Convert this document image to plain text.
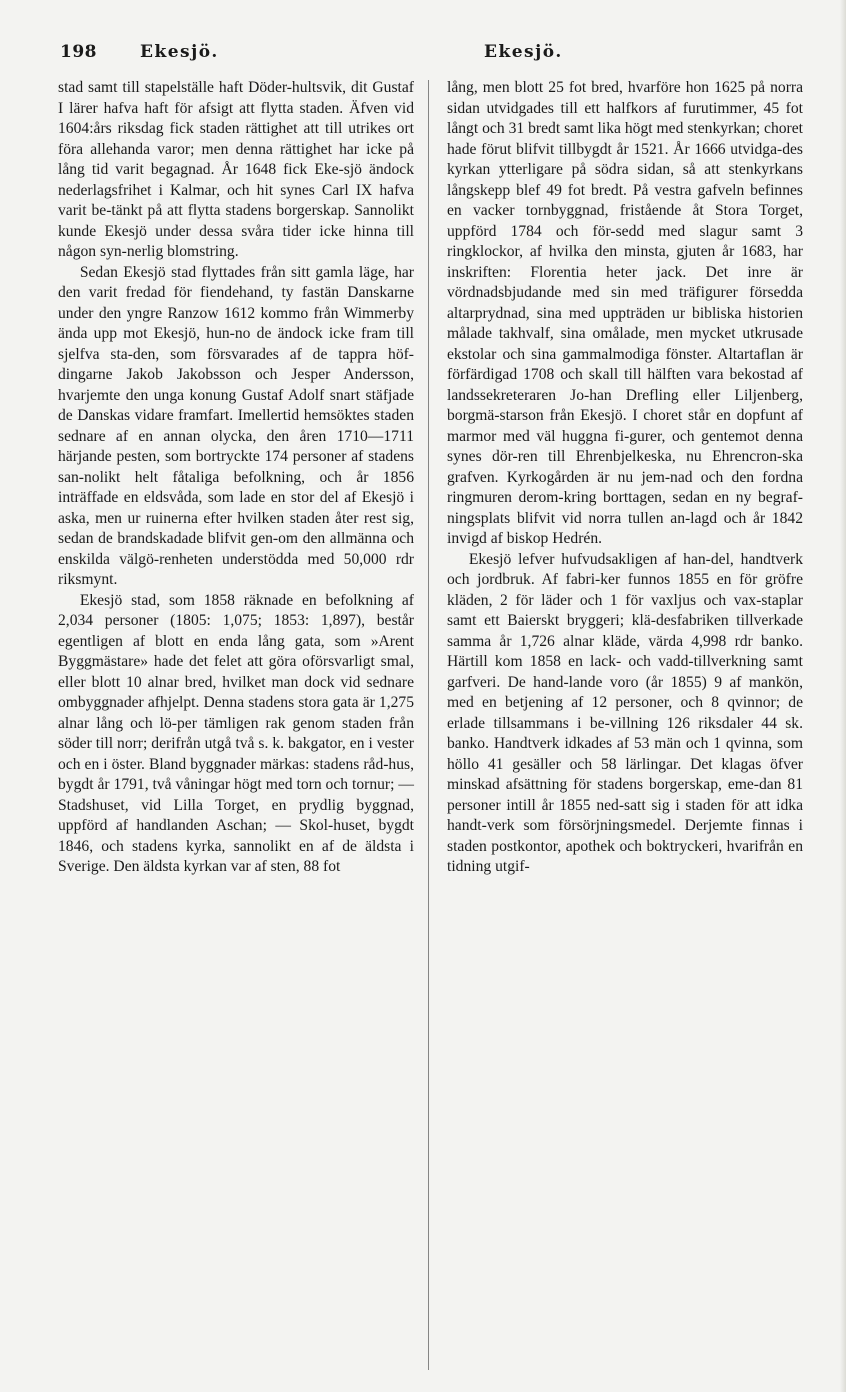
198	Ekesjö.	Ekesjö.

stad samt till stapelställe haft Döder-hultsvik, dit Gustaf I lärer hafva haft för afsigt att flytta staden. Äfven vid 1604:års riksdag fick staden rättighet att till utrikes ort föra allehanda varor; men denna rättighet har icke på lång tid varit begagnad. År 1648 fick Eke-sjö ändock nederlagsfrihet i Kalmar, och hit synes Carl IX hafva varit be-tänkt på att flytta stadens borgerskap. Sannolikt kunde Ekesjö under dessa svåra tider icke hinna till någon syn-nerlig blomstring.

Sedan Ekesjö stad flyttades från sitt gamla läge, har den varit fredad för fiendehand, ty fastän Danskarne under den yngre Ranzow 1612 kommo från Wimmerby ända upp mot Ekesjö, hun-no de ändock icke fram till sjelfva sta-den, som försvarades af de tappra höf-dingarne Jakob Jakobsson och Jesper Andersson, hvarjemte den unga konung Gustaf Adolf snart stäfjade de Danskas vidare framfart. Imellertid hemsöktes staden sednare af en annan olycka, den åren 1710—1711 härjande pesten, som bortryckte 174 personer af stadens san-nolikt helt fåtaliga befolkning, och år 1856 inträffade en eldsvåda, som lade en stor del af Ekesjö i aska, men ur ruinerna efter hvilken staden åter rest sig, sedan de brandskadade blifvit gen-om den allmänna och enskilda välgö-renheten understödda med 50,000 rdr riksmynt.

Ekesjö stad, som 1858 räknade en befolkning af 2,034 personer (1805: 1,075; 1853: 1,897), består egentligen af blott en enda lång gata, som »Arent Byggmästare» hade det felet att göra oförsvarligt smal, eller blott 10 alnar bred, hvilket man dock vid sednare ombyggnader afhjelpt. Denna stadens stora gata är 1,275 alnar lång och lö-per tämligen rak genom staden från söder till norr; derifrån utgå två s. k. bakgator, en i vester och en i öster. Bland byggnader märkas: stadens råd-hus, bygdt år 1791, två våningar högt med torn och tornur; — Stadshuset, vid Lilla Torget, en prydlig byggnad, uppförd af handlanden Aschan; — Skol-huset, bygdt 1846, och stadens kyrka, sannolikt en af de äldsta i Sverige. Den äldsta kyrkan var af sten, 88 fot

lång, men blott 25 fot bred, hvarföre hon 1625 på norra sidan utvidgades till ett halfkors af furutimmer, 45 fot långt och 31 bredt samt lika högt med stenkyrkan; choret hade förut blifvit tillbygdt år 1521. År 1666 utvidga-des kyrkan ytterligare på södra sidan, så att stenkyrkans långskepp blef 49 fot bredt. På vestra gafveln befinnes en vacker tornbyggnad, fristående åt Stora Torget, uppförd 1784 och för-sedd med slagur samt 3 ringklockor, af hvilka den minsta, gjuten år 1683, har inskriften: Florentia heter jack. Det inre är vördnadsbjudande med sin med träfigurer försedda altarprydnad, sina med uppträden ur bibliska historien målade takhvalf, sina omålade, men mycket utkrusade ekstolar och sina gammalmodiga fönster. Altartaflan är förfärdigad 1708 och skall till hälften vara bekostad af landssekreteraren Jo-han Drefling eller Liljenberg, borgmä-starson från Ekesjö. I choret står en dopfunt af marmor med väl huggna fi-gurer, och gentemot denna synes dör-ren till Ehrenbjelkeska, nu Ehrencron-ska grafven. Kyrkogården är nu jem-nad och den fordna ringmuren derom-kring borttagen, sedan en ny begraf-ningsplats blifvit vid norra tullen an-lagd och år 1842 invigd af biskop Hedrén.

Ekesjö lefver hufvudsakligen af han-del, handtverk och jordbruk. Af fabri-ker funnos 1855 en för gröfre kläden, 2 för läder och 1 för vaxljus och vax-staplar samt ett Baierskt bryggeri; klä-desfabriken tillverkade samma år 1,726 alnar kläde, värda 4,998 rdr banko. Härtill kom 1858 en lack- och vadd-tillverkning samt garfveri. De hand-lande voro (år 1855) 9 af mankön, med en betjening af 12 personer, och 8 qvinnor; de erlade tillsammans i be-villning 126 riksdaler 44 sk. banko. Handtverk idkades af 53 män och 1 qvinna, som höllo 41 gesäller och 58 lärlingar. Det klagas öfver minskad afsättning för stadens borgerskap, eme-dan 81 personer intill år 1855 ned-satt sig i staden för att idka handt-verk som försörjningsmedel. Derjemte finnas i staden postkontor, apothek och boktryckeri, hvarifrån en tidning utgif-
